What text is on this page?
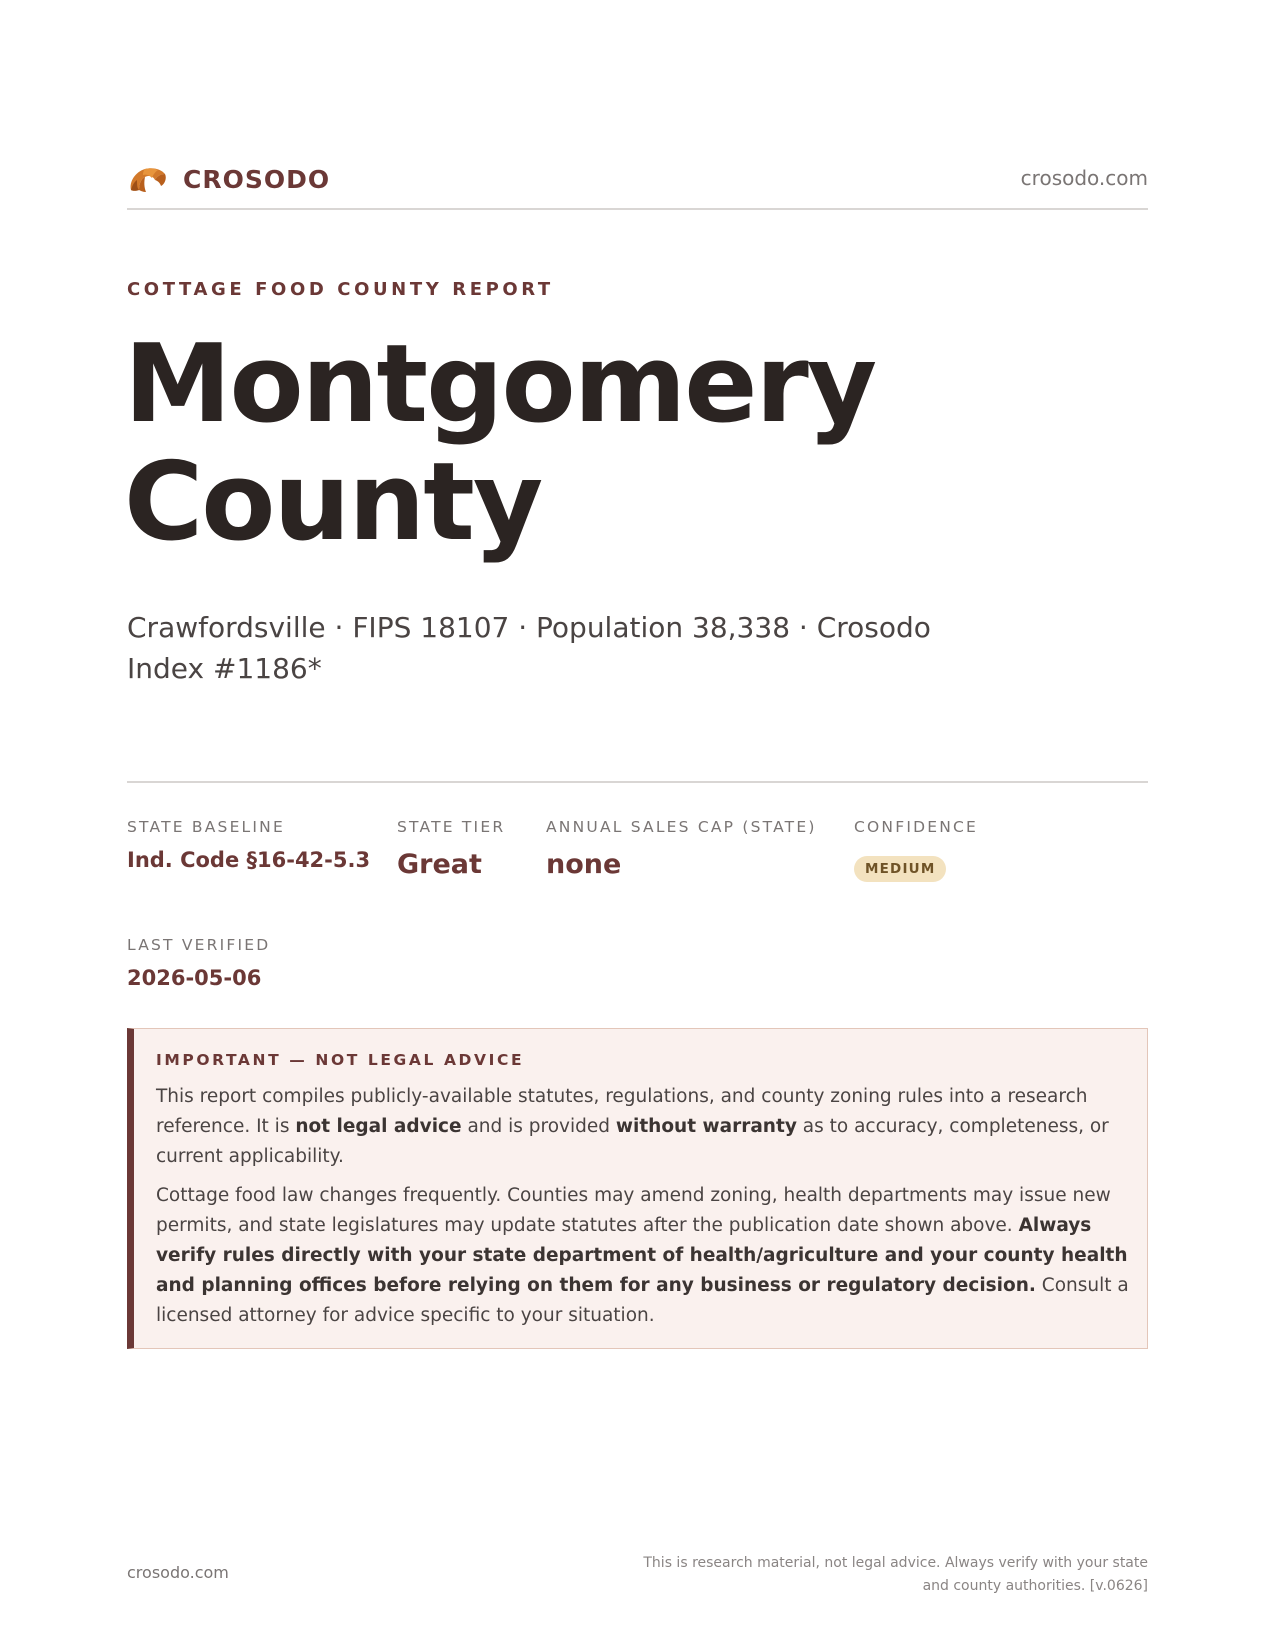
CROSODO	crosodo.com
COTTAGE FOOD COUNTY REPORT
Montgomery
County
Crawfordsville · FIPS 18107 · Population 38,338 · Crosodo Index #1186*
STATE BASELINE
Ind. Code §16-42-5.3
STATE TIER
Great
ANNUAL SALES CAP (STATE)
none
CONFIDENCE
MEDIUM
LAST VERIFIED
2026-05-06
IMPORTANT — NOT LEGAL ADVICE

This report compiles publicly-available statutes, regulations, and county zoning rules into a research reference. It is not legal advice and is provided without warranty as to accuracy, completeness, or current applicability.

Cottage food law changes frequently. Counties may amend zoning, health departments may issue new permits, and state legislatures may update statutes after the publication date shown above. Always verify rules directly with your state department of health/agriculture and your county health and planning offices before relying on them for any business or regulatory decision. Consult a licensed attorney for advice specific to your situation.

crosodo.com	This is research material, not legal advice. Always verify with your state
and county authorities. [v.0626]
